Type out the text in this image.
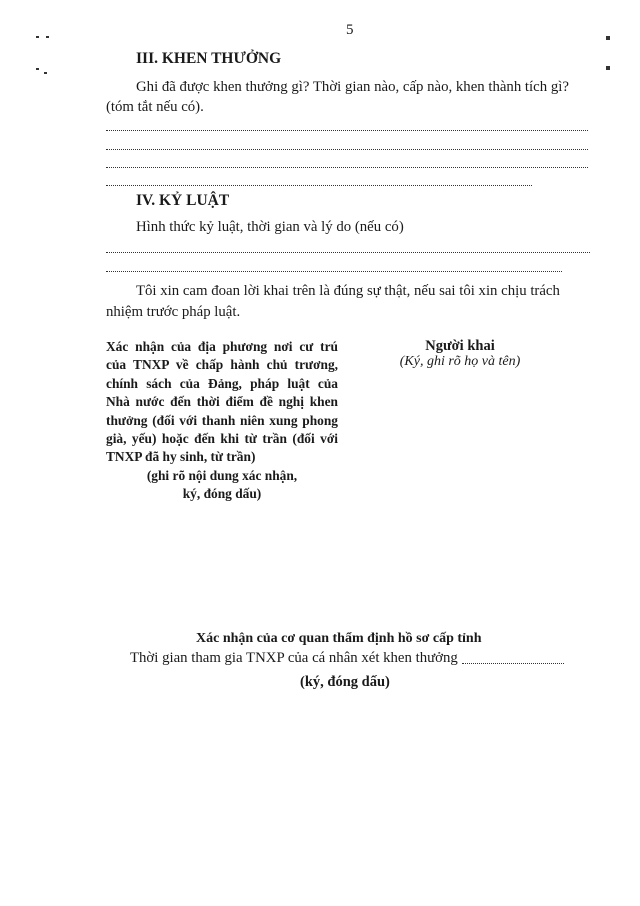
5
III. KHEN THƯỞNG
Ghi đã được khen thưởng gì? Thời gian nào, cấp nào, khen thành tích gì?
(tóm tắt nếu có).
IV. KỶ LUẬT
Hình thức kỷ luật, thời gian và lý do (nếu có)
Tôi xin cam đoan lời khai trên là đúng sự thật, nếu sai tôi xin chịu trách
nhiệm trước pháp luật.
Xác nhận của địa phương nơi cư trú
của TNXP về chấp hành chủ trương,
chính sách của Đảng, pháp luật của
Nhà nước đến thời điểm đề nghị khen
thưởng (đối với thanh niên xung phong
già, yếu) hoặc đến khi từ trần (đối với
TNXP đã hy sinh, từ trần)
(ghi rõ nội dung xác nhận,
ký, đóng dấu)
Người khai
(Ký, ghi rõ họ và tên)
Xác nhận của cơ quan thẩm định hồ sơ cấp tỉnh
Thời gian tham gia TNXP của cá nhân xét khen thưởng
(ký, đóng dấu)
